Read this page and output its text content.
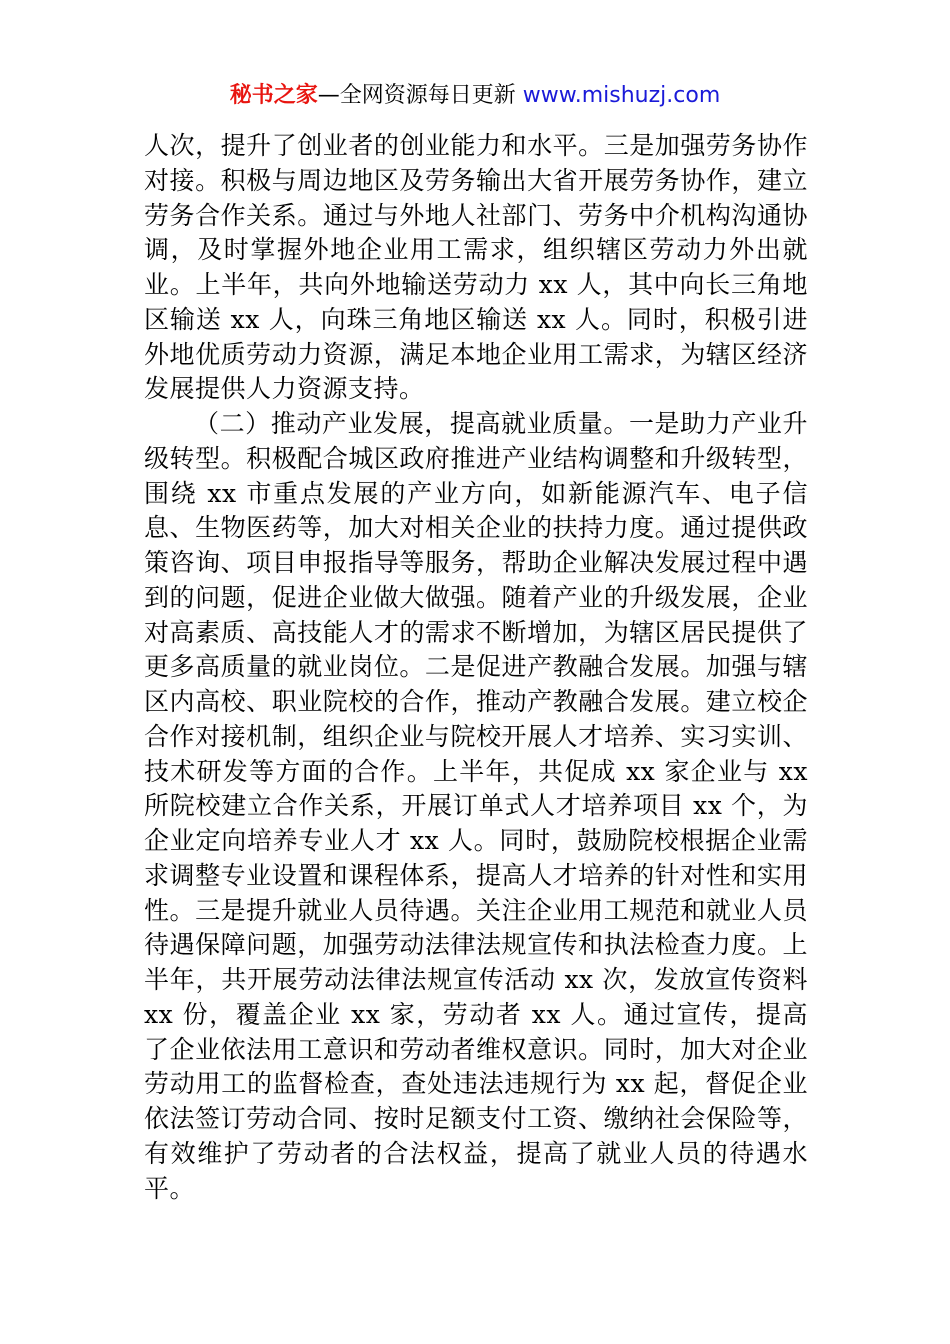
秘书之家—全网资源每日更新 www.mishuzj.com

人次，提升了创业者的创业能力和水平。三是加强劳务协作对接。积极与周边地区及劳务输出大省开展劳务协作，建立劳务合作关系。通过与外地人社部门、劳务中介机构沟通协调，及时掌握外地企业用工需求，组织辖区劳动力外出就业。上半年，共向外地输送劳动力 xx 人，其中向长三角地区输送 xx 人，向珠三角地区输送 xx 人。同时，积极引进外地优质劳动力资源，满足本地企业用工需求，为辖区经济发展提供人力资源支持。

（二）推动产业发展，提高就业质量。一是助力产业升级转型。积极配合城区政府推进产业结构调整和升级转型，围绕 xx 市重点发展的产业方向，如新能源汽车、电子信息、生物医药等，加大对相关企业的扶持力度。通过提供政策咨询、项目申报指导等服务，帮助企业解决发展过程中遇到的问题，促进企业做大做强。随着产业的升级发展，企业对高素质、高技能人才的需求不断增加，为辖区居民提供了更多高质量的就业岗位。二是促进产教融合发展。加强与辖区内高校、职业院校的合作，推动产教融合发展。建立校企合作对接机制，组织企业与院校开展人才培养、实习实训、技术研发等方面的合作。上半年，共促成 xx 家企业与 xx 所院校建立合作关系，开展订单式人才培养项目 xx 个，为企业定向培养专业人才 xx 人。同时，鼓励院校根据企业需求调整专业设置和课程体系，提高人才培养的针对性和实用性。三是提升就业人员待遇。关注企业用工规范和就业人员待遇保障问题，加强劳动法律法规宣传和执法检查力度。上半年，共开展劳动法律法规宣传活动 xx 次，发放宣传资料 xx 份，覆盖企业 xx 家，劳动者 xx 人。通过宣传，提高了企业依法用工意识和劳动者维权意识。同时，加大对企业劳动用工的监督检查，查处违法违规行为 xx 起，督促企业依法签订劳动合同、按时足额支付工资、缴纳社会保险等，有效维护了劳动者的合法权益，提高了就业人员的待遇水平。
